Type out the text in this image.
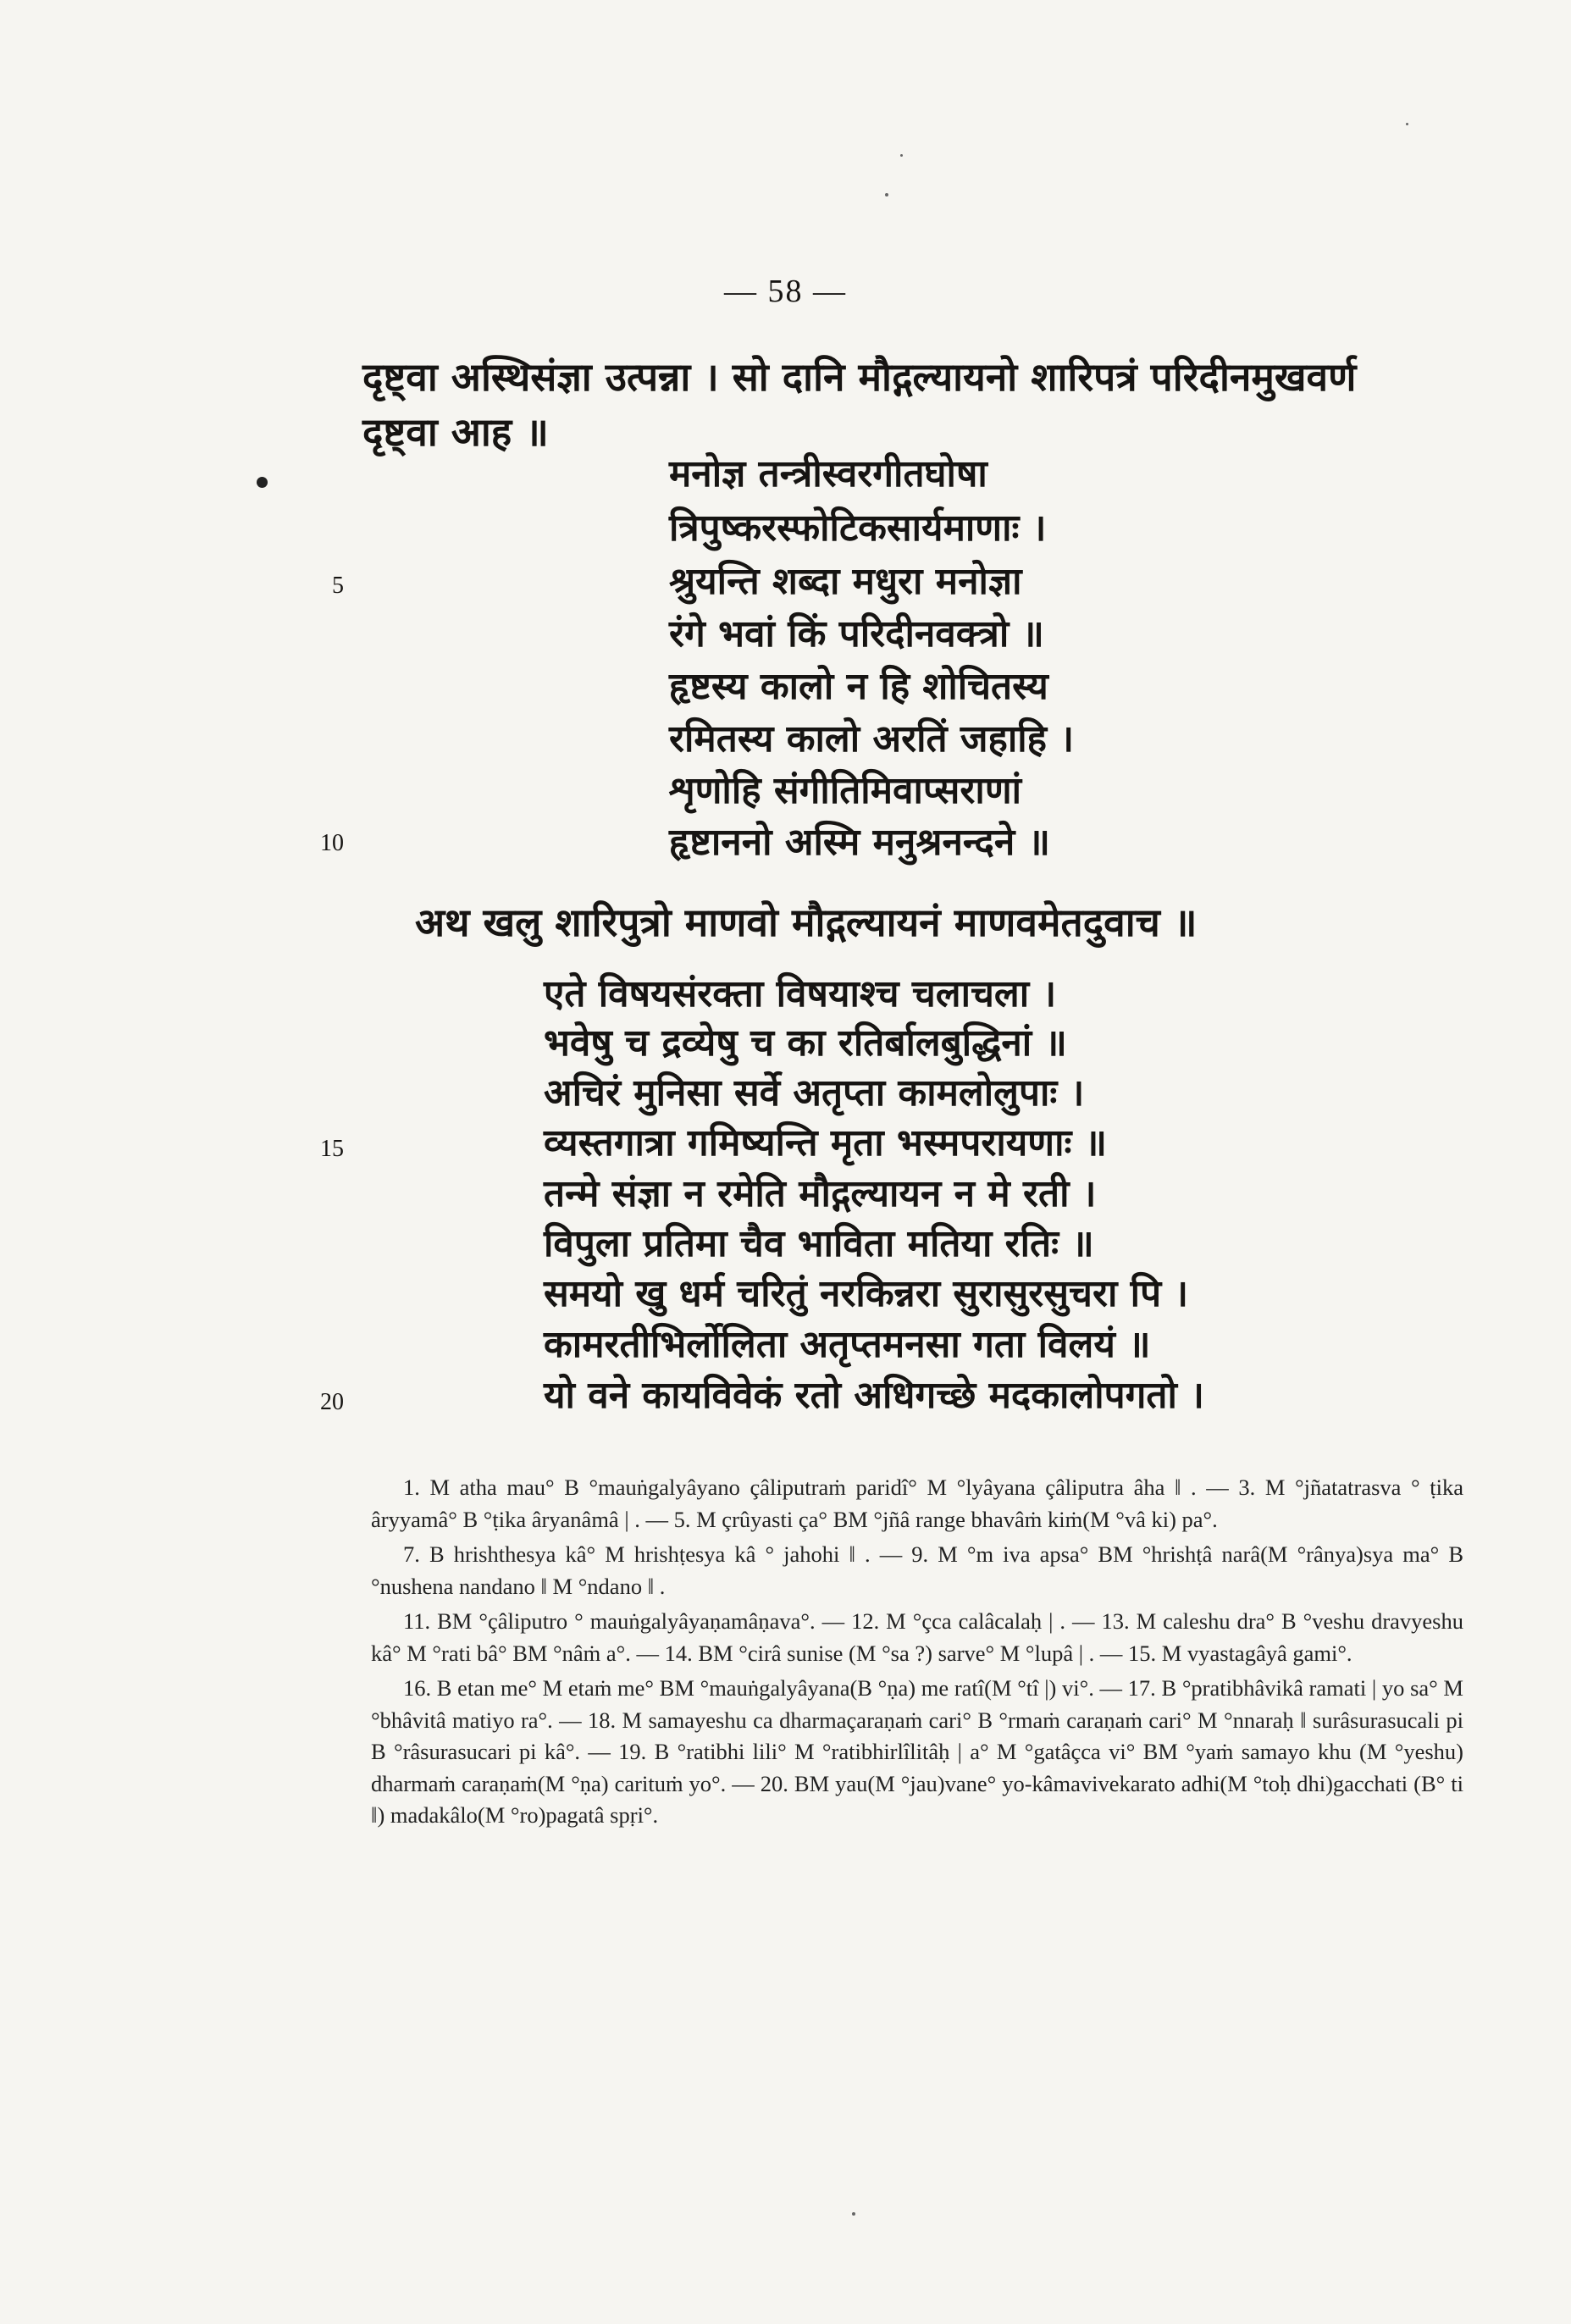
— 58 —
दृष्ट्वा अस्थिसंज्ञा उत्पन्ना । सो दानि मौद्गल्यायनो शारिपत्रं परिदीनमुखवर्ण
दृष्ट्वा आह ॥
मनोज्ञ तन्त्रीस्वरगीतघोषा
त्रिपुष्करस्फोटिकसार्यमाणाः ।
श्रुयन्ति शब्दा मधुरा मनोज्ञा
रंगे भवां किं परिदीनवक्त्रो ॥
हृष्टस्य कालो न हि शोचितस्य
रमितस्य कालो अरतिं जहाहि ।
शृणोहि संगीतिमिवाप्सराणां
हृष्टाननो अस्मि मनुश्रनन्दने ॥
अथ खलु शारिपुत्रो माणवो मौद्गल्यायनं माणवमेतदुवाच ॥
एते विषयसंरक्ता विषयाश्च चलाचला ।
भवेषु च द्रव्येषु च का रतिर्बालबुद्धिनां ॥
अचिरं मुनिसा सर्वे अतृप्ता कामलोलुपाः ।
व्यस्तगात्रा गमिष्यन्ति मृता भस्मपरायणाः ॥
तन्मे संज्ञा न रमेति मौद्गल्यायन न मे रती ।
विपुला प्रतिमा चैव भाविता मतिया रतिः ॥
समयो खु धर्म चरितुं नरकिन्नरा सुरासुरसुचरा पि ।
कामरतीभिर्लोलिता अतृप्तमनसा गता विलयं ॥
यो वने कायविवेकं रतो अधिगच्छे मदकालोपगतो ।
5
10
15
20

1. M atha mau° B °mauṅgalyâyano çâliputraṁ paridî° M °lyâyana çâliputra âha ‖ . — 3. M °jñatatrasva ° ṭika âryyamâ° B °ṭika âryanâmâ | . — 5. M çrûyasti ça° BM °jñâ range bhavâṁ kiṁ(M °vâ ki) pa°.

7. B hrishthesya kâ° M hrishṭesya kâ ° jahohi ‖ . — 9. M °m iva apsa° BM °hrishṭâ narâ(M °rânya)sya ma° B °nushena nandano ‖ M °ndano ‖ .

11. BM °çâliputro ° mauṅgalyâyaṇamâṇava°. — 12. M °çca calâcalaḥ | . — 13. M caleshu dra° B °veshu dravyeshu kâ° M °rati bâ° BM °nâṁ a°. — 14. BM °cirâ sunise (M °sa ?) sarve° M °lupâ | . — 15. M vyastagâyâ gami°.

16. B etan me° M etaṁ me° BM °mauṅgalyâyana(B °ṇa) me ratî(M °tî |) vi°. — 17. B °pratibhâvikâ ramati | yo sa° M °bhâvitâ matiyo ra°. — 18. M samayeshu ca dharmaçaraṇaṁ cari° B °rmaṁ caraṇaṁ cari° M °nnaraḥ ‖ surâsurasucali pi B °râsurasucari pi kâ°. — 19. B °ratibhi lili° M °ratibhirlîlitâḥ | a° M °gatâçca vi° BM °yaṁ samayo khu (M °yeshu) dharmaṁ caraṇaṁ(M °ṇa) carituṁ yo°. — 20. BM yau(M °jau)vane° yo-kâmavivekarato adhi(M °toḥ dhi)gacchati (B° ti ‖) madakâlo(M °ro)pagatâ spṛi°.
